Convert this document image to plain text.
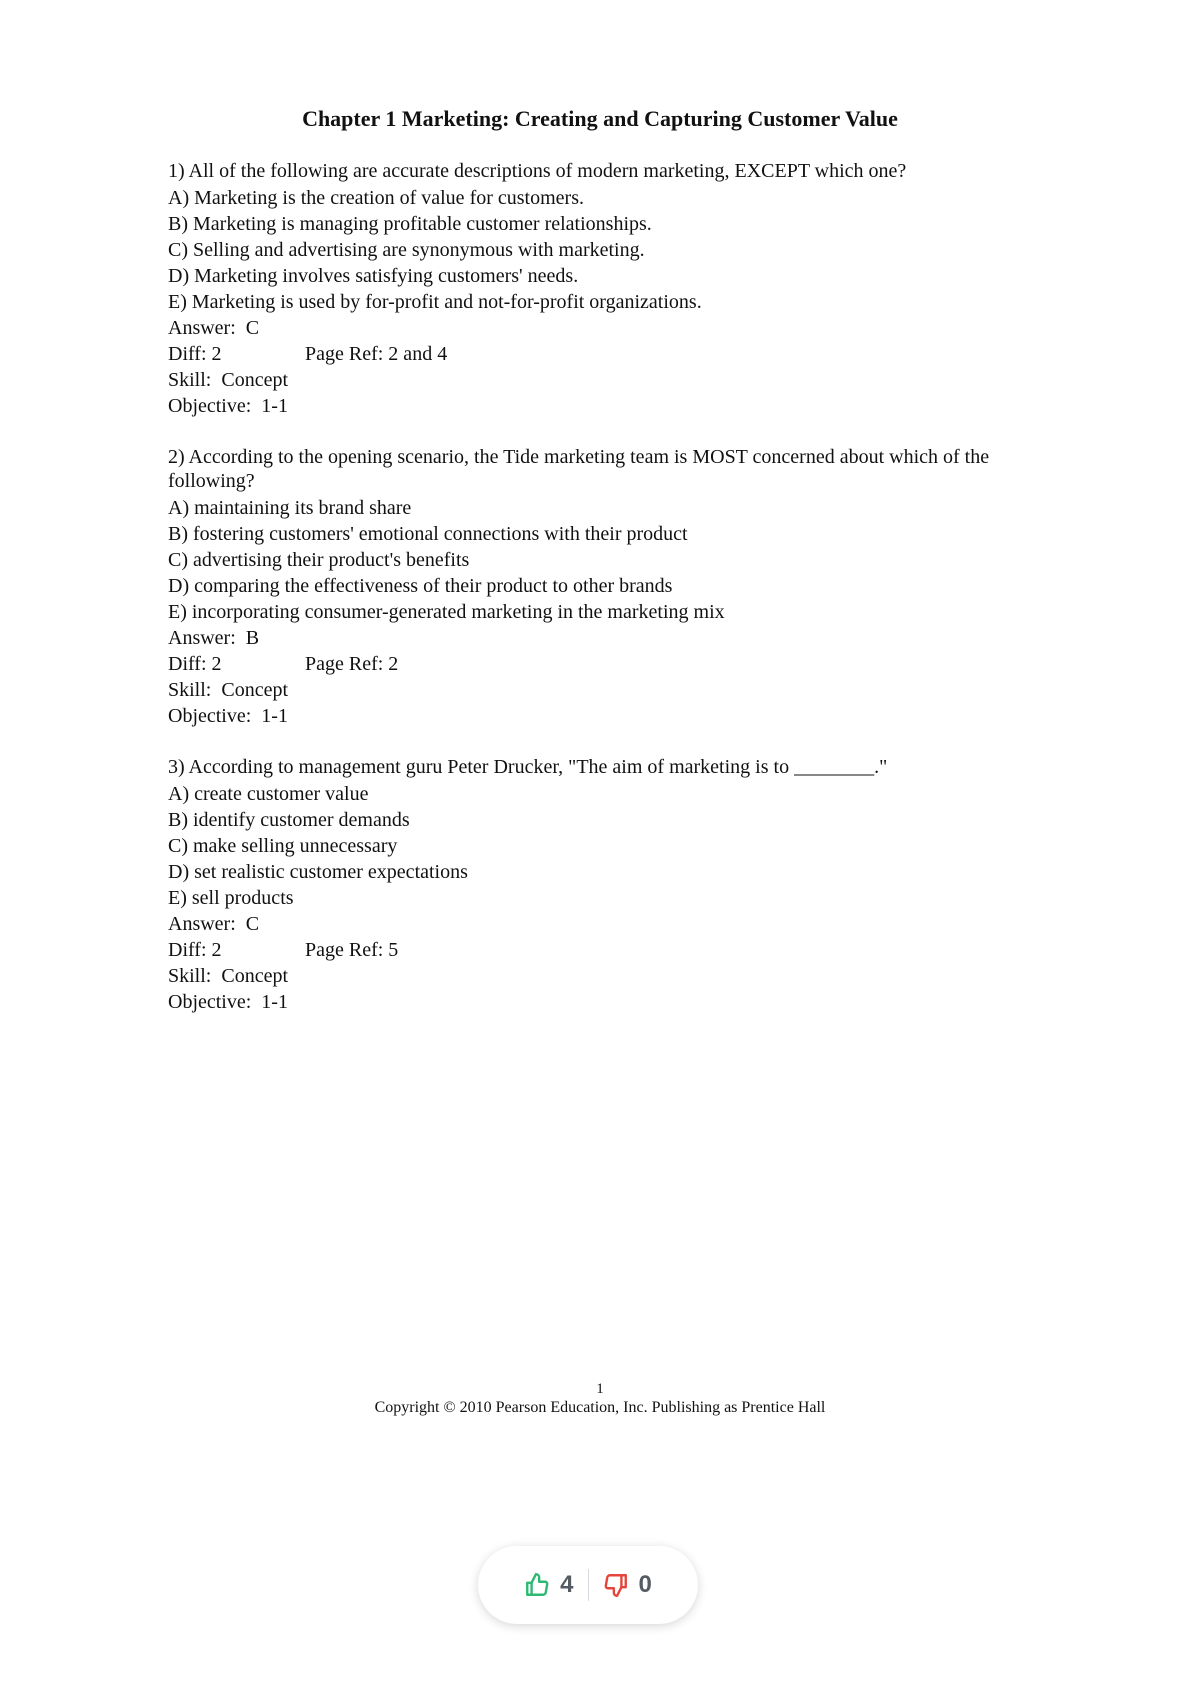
Chapter 1 Marketing: Creating and Capturing Customer Value

1) All of the following are accurate descriptions of modern marketing, EXCEPT which one?

A) Marketing is the creation of value for customers.

B) Marketing is managing profitable customer relationships.

C) Selling and advertising are synonymous with marketing.

D) Marketing involves satisfying customers' needs.

E) Marketing is used by for-profit and not-for-profit organizations.

Answer:  C

Diff: 2	Page Ref: 2 and 4

Skill:  Concept

Objective:  1-1

2) According to the opening scenario, the Tide marketing team is MOST concerned about which of the following?

A) maintaining its brand share

B) fostering customers' emotional connections with their product

C) advertising their product's benefits

D) comparing the effectiveness of their product to other brands

E) incorporating consumer-generated marketing in the marketing mix

Answer:  B

Diff: 2	Page Ref: 2

Skill:  Concept

Objective:  1-1

3) According to management guru Peter Drucker, "The aim of marketing is to ________."

A) create customer value

B) identify customer demands

C) make selling unnecessary

D) set realistic customer expectations

E) sell products

Answer:  C

Diff: 2	Page Ref: 5

Skill:  Concept

Objective:  1-1

1

Copyright © 2010 Pearson Education, Inc. Publishing as Prentice Hall

4	0
